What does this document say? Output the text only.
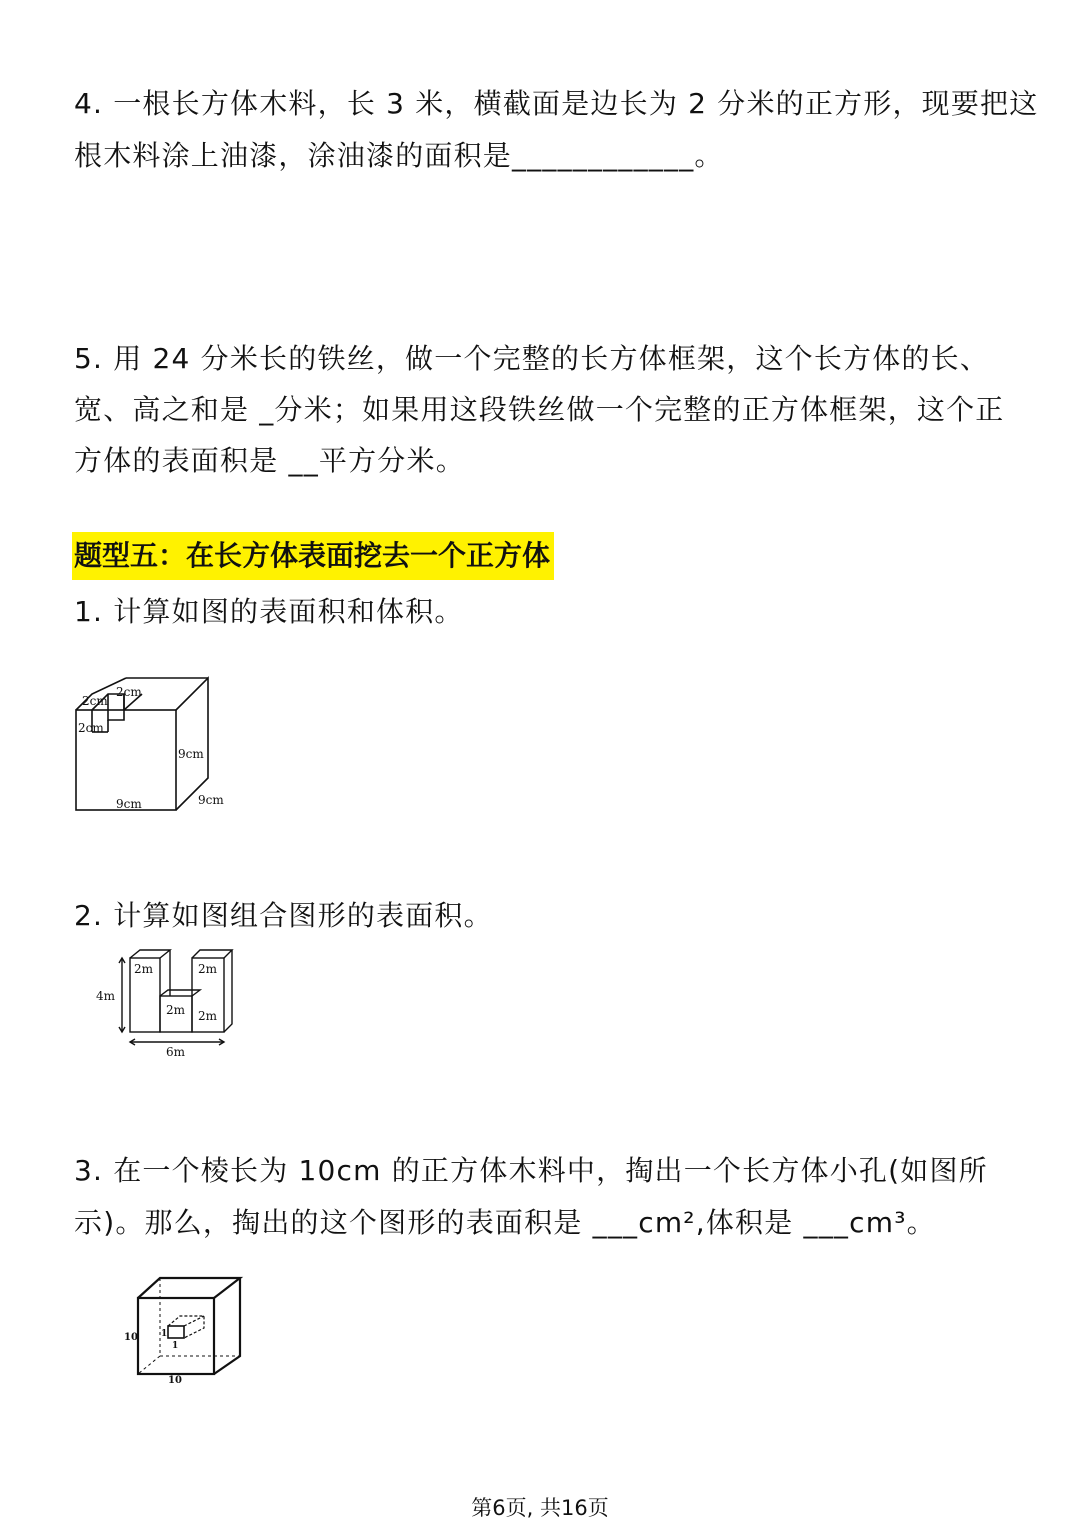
4. 一根长方体木料，长 3 米，横截面是边长为 2 分米的正方形，现要把这
根木料涂上油漆，涂油漆的面积是____________。
5. 用 24 分米长的铁丝，做一个完整的长方体框架，这个长方体的长、
宽、高之和是 _分米；如果用这段铁丝做一个完整的正方体框架，这个正
方体的表面积是 __平方分米。
题型五：在长方体表面挖去一个正方体
1. 计算如图的表面积和体积。
2cm
2cm
2cm
9cm
9cm	9cm
2. 计算如图组合图形的表面积。
4m
2m	2m
2m 2m
6m
3. 在一个棱长为 10cm 的正方体木料中，掏出一个长方体小孔(如图所
示)。那么，掏出的这个图形的表面积是 ___cm²,体积是 ___cm³。
10
10
1
1
第6页, 共16页
